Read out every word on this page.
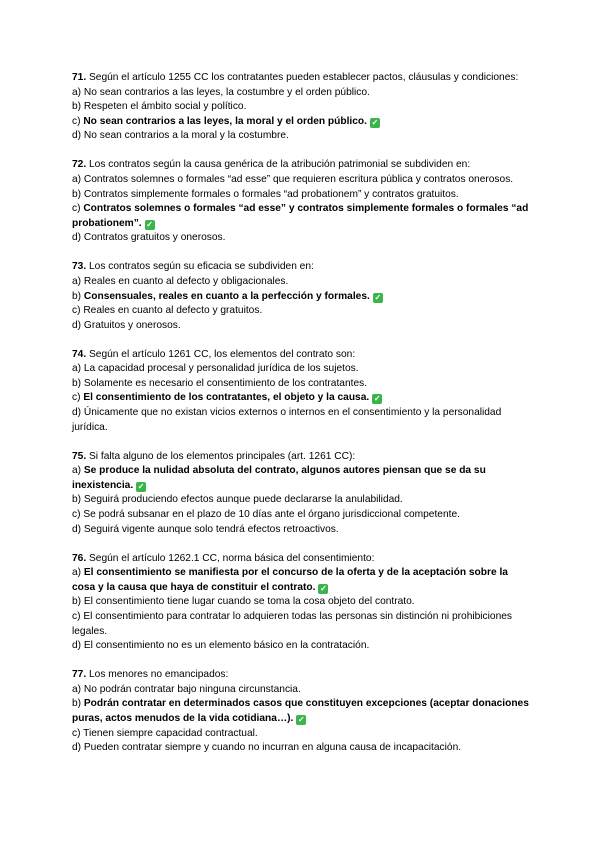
71. Según el artículo 1255 CC los contratantes pueden establecer pactos, cláusulas y condiciones:
a) No sean contrarios a las leyes, la costumbre y el orden público.
b) Respeten el ámbito social y político.
c) No sean contrarios a las leyes, la moral y el orden público. ✓
d) No sean contrarios a la moral y la costumbre.
72. Los contratos según la causa genérica de la atribución patrimonial se subdividen en:
a) Contratos solemnes o formales “ad esse” que requieren escritura pública y contratos onerosos.
b) Contratos simplemente formales o formales “ad probationem” y contratos gratuitos.
c) Contratos solemnes o formales “ad esse” y contratos simplemente formales o formales “ad probationem”. ✓
d) Contratos gratuitos y onerosos.
73. Los contratos según su eficacia se subdividen en:
a) Reales en cuanto al defecto y obligacionales.
b) Consensuales, reales en cuanto a la perfección y formales. ✓
c) Reales en cuanto al defecto y gratuitos.
d) Gratuitos y onerosos.
74. Según el artículo 1261 CC, los elementos del contrato son:
a) La capacidad procesal y personalidad jurídica de los sujetos.
b) Solamente es necesario el consentimiento de los contratantes.
c) El consentimiento de los contratantes, el objeto y la causa. ✓
d) Únicamente que no existan vicios externos o internos en el consentimiento y la personalidad jurídica.
75. Si falta alguno de los elementos principales (art. 1261 CC):
a) Se produce la nulidad absoluta del contrato, algunos autores piensan que se da su inexistencia. ✓
b) Seguirá produciendo efectos aunque puede declararse la anulabilidad.
c) Se podrá subsanar en el plazo de 10 días ante el órgano jurisdiccional competente.
d) Seguirá vigente aunque solo tendrá efectos retroactivos.
76. Según el artículo 1262.1 CC, norma básica del consentimiento:
a) El consentimiento se manifiesta por el concurso de la oferta y de la aceptación sobre la cosa y la causa que haya de constituir el contrato. ✓
b) El consentimiento tiene lugar cuando se toma la cosa objeto del contrato.
c) El consentimiento para contratar lo adquieren todas las personas sin distinción ni prohibiciones legales.
d) El consentimiento no es un elemento básico en la contratación.
77. Los menores no emancipados:
a) No podrán contratar bajo ninguna circunstancia.
b) Podrán contratar en determinados casos que constituyen excepciones (aceptar donaciones puras, actos menudos de la vida cotidiana…). ✓
c) Tienen siempre capacidad contractual.
d) Pueden contratar siempre y cuando no incurran en alguna causa de incapacitación.
